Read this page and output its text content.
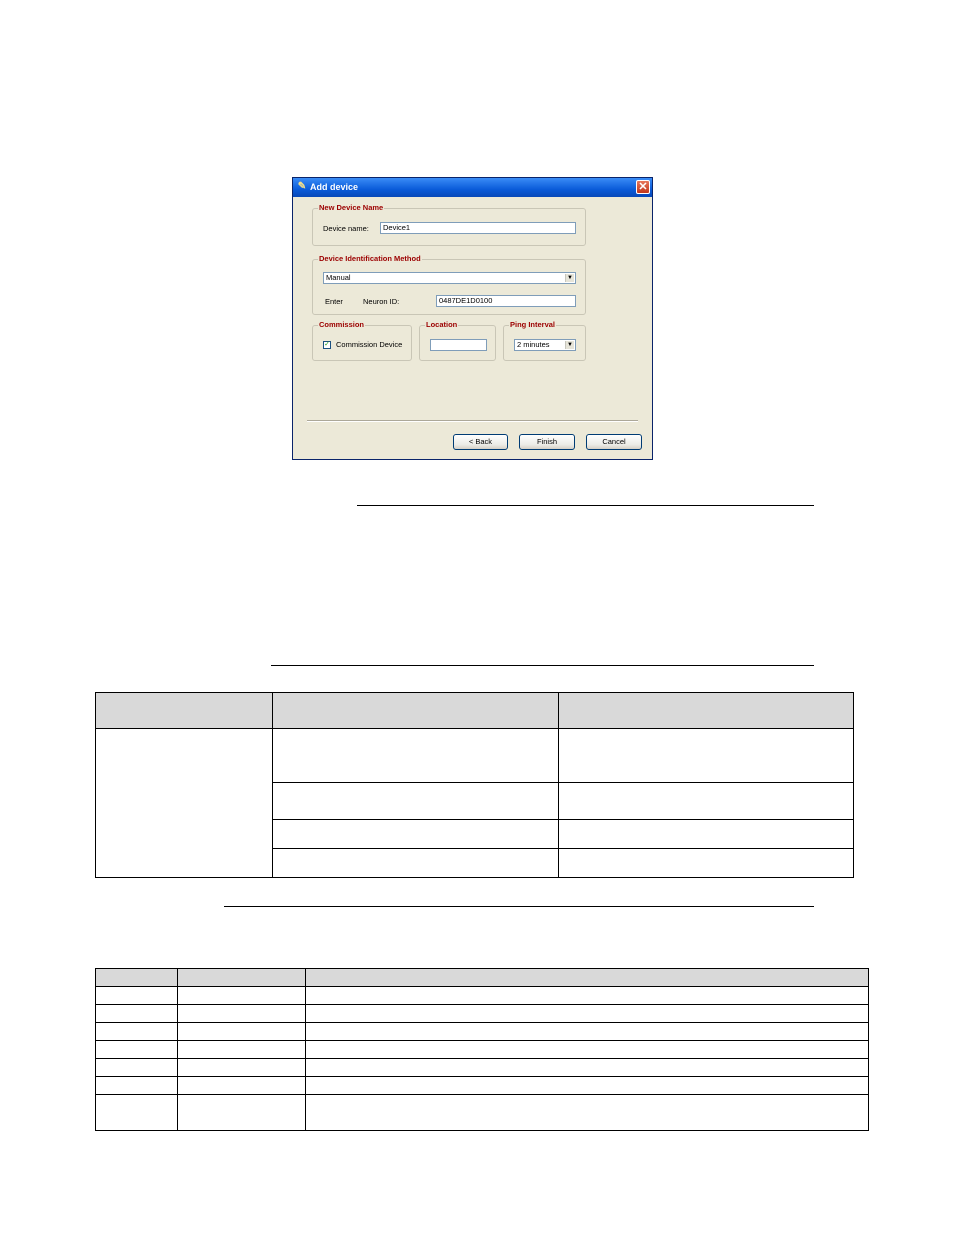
✎ Add device	✕
New Device Name
Device name:	Device1
Device Identification Method
Manual	▼
Enter	Neuron ID:	0487DE1D0100
Commission
✓ Commission Device
Location	Ping Interval
2 minutes	▼
< Back	Finish	Cancel
